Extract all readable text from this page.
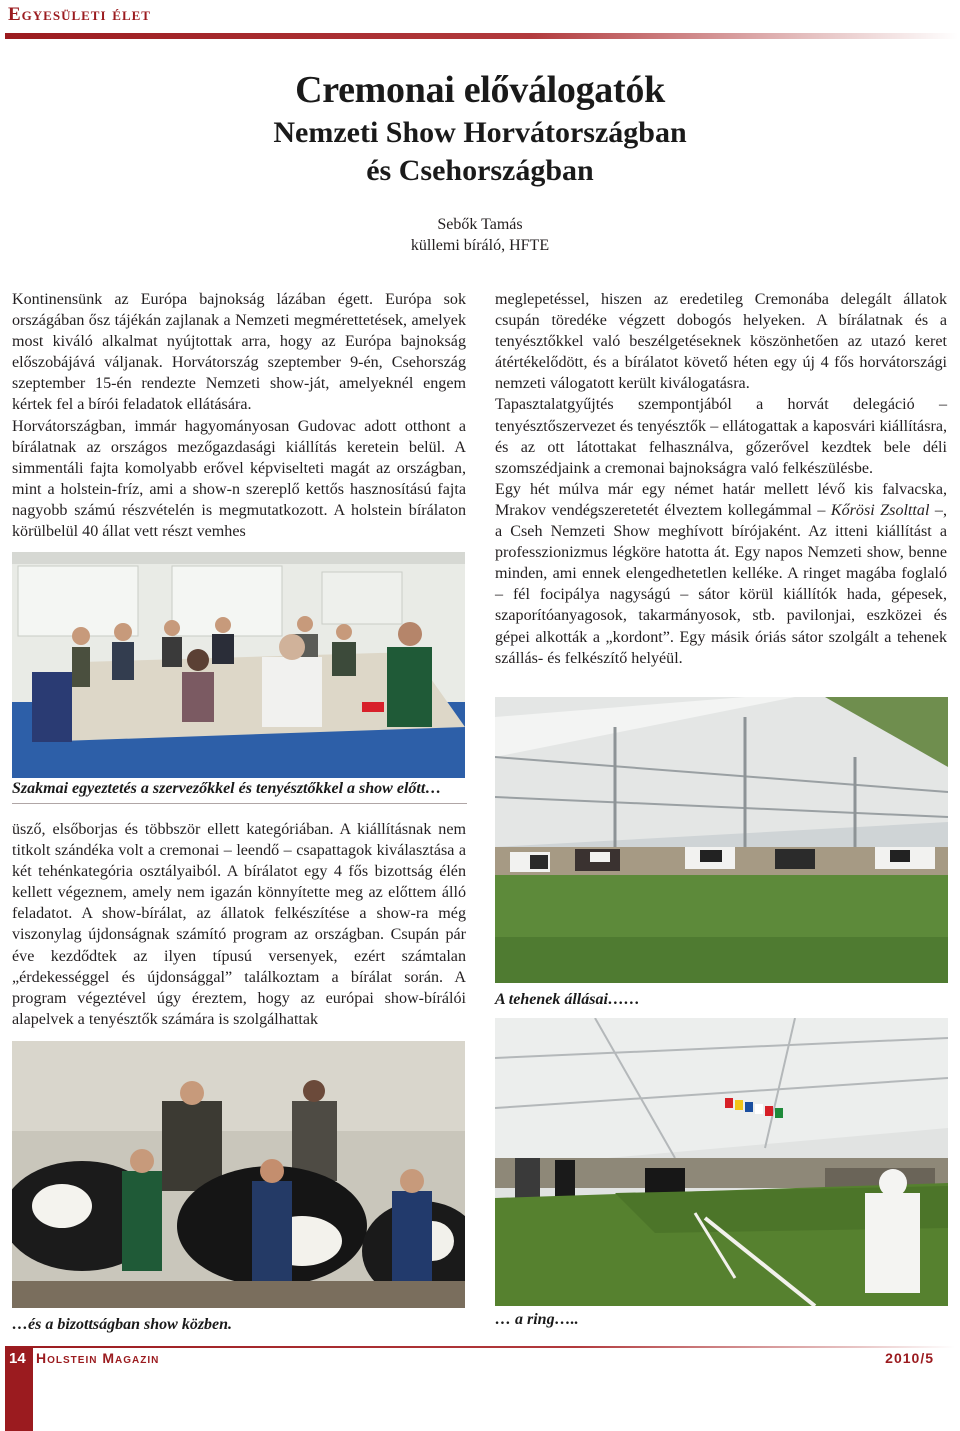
Egyesületi élet
Cremonai előválogatók
Nemzeti Show Horvátországban
és Csehországban
Sebők Tamás
küllemi bíráló, HFTE

Kontinensünk az Európa bajnokság lázában égett. Európa sok országában ősz tájékán zajlanak a Nemzeti megmérettetések, amelyek most kiváló alkalmat nyújtottak arra, hogy az Európa bajnokság előszobájává váljanak. Horvátország szeptember 9-én, Csehország szeptember 15-én rendezte Nemzeti show-ját, amelyeknél engem kértek fel a bírói feladatok ellátására.

Horvátországban, immár hagyományosan Gudovac adott otthont a bírálatnak az országos mezőgazdasági kiállítás keretein belül. A simmentáli fajta komolyabb erővel képviselteti magát az országban, mint a holstein-fríz, ami a show-n szereplő kettős hasznosítású fajta nagyobb számú részvételén is megmutatkozott. A holstein bírálaton körülbelül 40 állat vett részt vemhes

meglepetéssel, hiszen az eredetileg Cremonába delegált állatok csupán töredéke végzett dobogós helyeken. A bírálatnak és a tenyésztőkkel való beszélgetéseknek köszönhetően az utazó keret átértékelődött, és a bírálatot követő héten egy új 4 fős horvátországi nemzeti válogatott került kiválogatásra.

Tapasztalatgyűjtés szempontjából a horvát delegáció – tenyésztőszervezet és tenyésztők – ellátogattak a kaposvári kiállításra, és az ott látottakat felhasználva, gőzerővel kezdtek bele déli szomszédjaink a cremonai bajnokságra való felkészülésbe.

Egy hét múlva már egy német határ mellett lévő kis falvacska, Mrakov vendégszeretetét élveztem kollegámmal – Kőrösi Zsolttal –, a Cseh Nemzeti Show meghívott bírójaként. Az itteni kiállítást a professzionizmus légköre hatotta át. Egy napos Nemzeti show, benne minden, ami ennek elengedhetetlen kelléke. A ringet magába foglaló – fél focipálya nagyságú – sátor körül kiállítók hada, gépesek, szaporítóanyagosok, takarmányosok, stb. pavilonjai, eszközei és gépei alkották a „kordont”. Egy másik óriás sátor szolgált a tehenek szállás- és felkészítő helyéül.

Szakmai egyeztetés a szervezőkkel és tenyésztőkkel a show előtt…
A tehenek állásai……

üsző, elsőborjas és többször ellett kategóriában. A kiállításnak nem titkolt szándéka volt a cremonai – leendő – csapattagok kiválasztása a két tehénkategória osztályaiból. A bírálatot egy 4 fős bizottság élén kellett végeznem, amely nem igazán könnyítette meg az előttem álló feladatot. A show-bírálat, az állatok felkészítése a show-ra még viszonylag újdonságnak számító program az országban. Csupán pár éve kezdődtek az ilyen típusú versenyek, ezért számtalan „érdekességgel és újdonsággal” találkoztam a bírálat során. A program végeztével úgy éreztem, hogy az európai show-bírálói alapelvek a tenyésztők számára is szolgálhattak

…és a bizottságban show közben.	… a ring…..
14 Holstein Magazin	2010/5
